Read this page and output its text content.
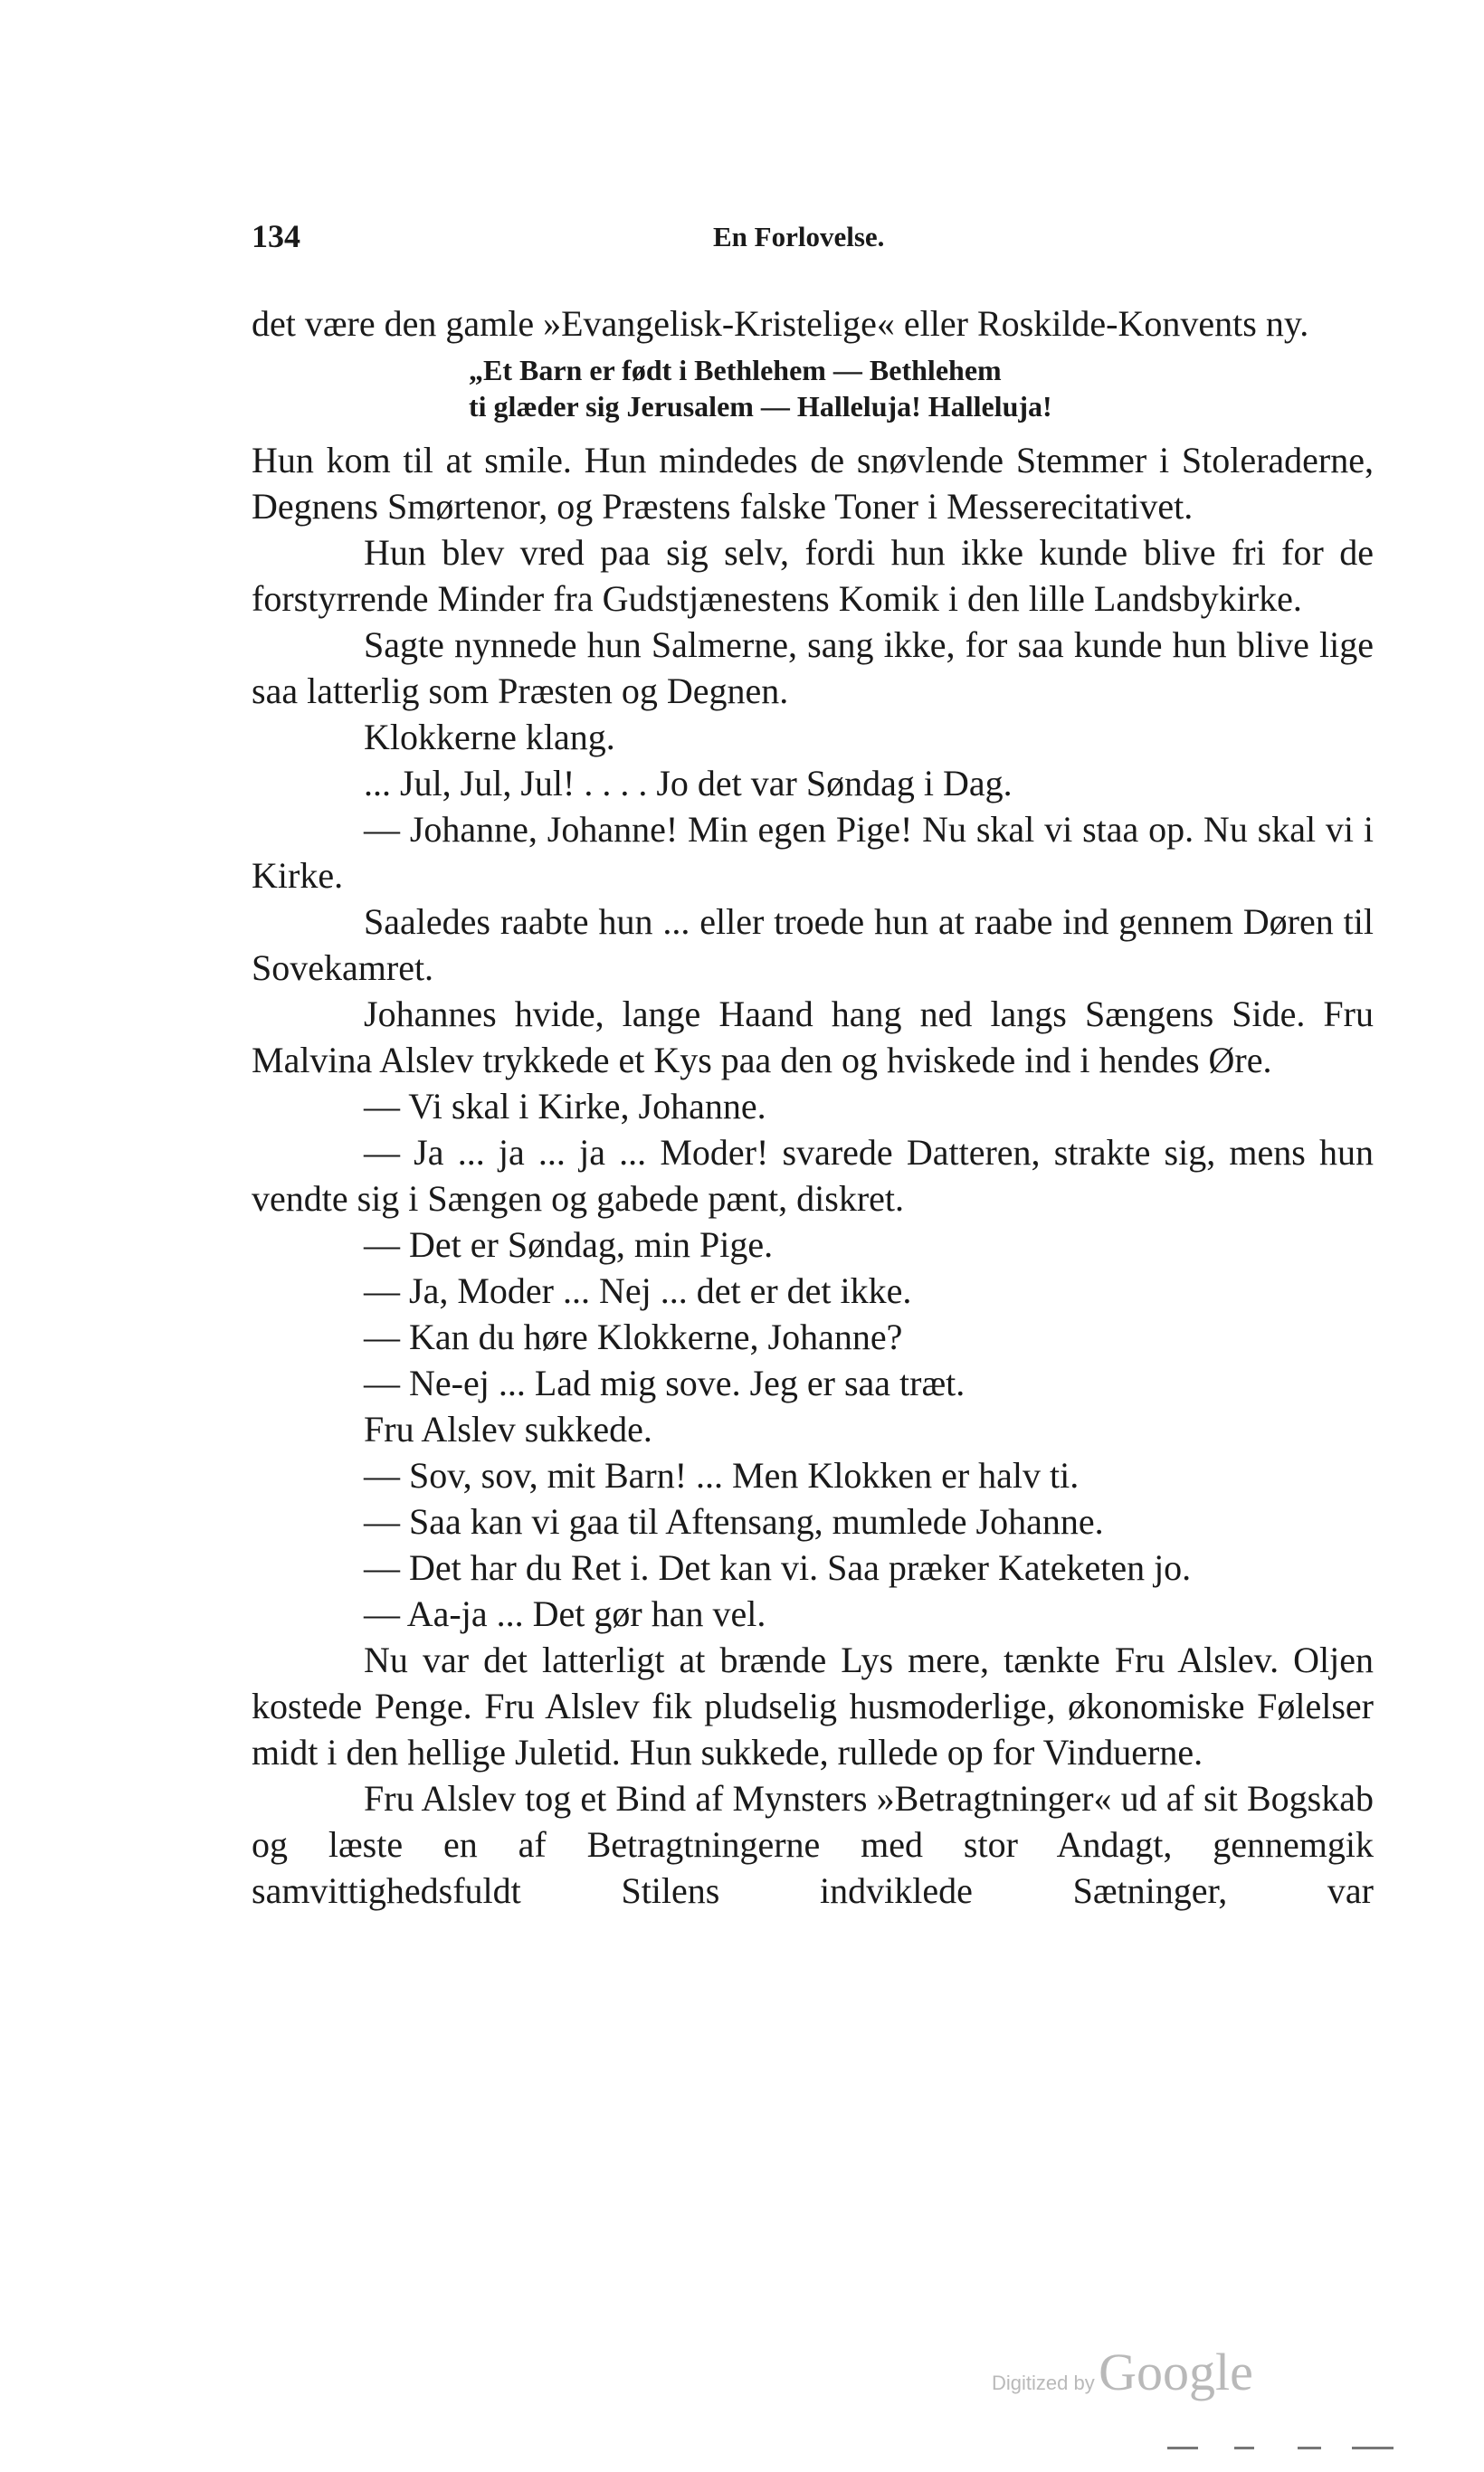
134	En Forlovelse.

det være den gamle »Evangelisk-Kristelige« eller Roskilde-Konvents ny.

„Et Barn er født i Bethlehem — Bethlehem
ti glæder sig Jerusalem — Halleluja! Halleluja!

Hun kom til at smile. Hun mindedes de snøvlende Stemmer i Stoleraderne, Degnens Smørtenor, og Præstens falske Toner i Messerecitativet.

Hun blev vred paa sig selv, fordi hun ikke kunde blive fri for de forstyrrende Minder fra Gudstjænestens Komik i den lille Landsbykirke.

Sagte nynnede hun Salmerne, sang ikke, for saa kunde hun blive lige saa latterlig som Præsten og Degnen.

Klokkerne klang.

... Jul, Jul, Jul! . . . . Jo det var Søndag i Dag.

— Johanne, Johanne! Min egen Pige! Nu skal vi staa op. Nu skal vi i Kirke.

Saaledes raabte hun ... eller troede hun at raabe ind gennem Døren til Sovekamret.

Johannes hvide, lange Haand hang ned langs Sængens Side. Fru Malvina Alslev trykkede et Kys paa den og hviskede ind i hendes Øre.

— Vi skal i Kirke, Johanne.

— Ja ... ja ... ja ... Moder! svarede Datteren, strakte sig, mens hun vendte sig i Sængen og gabede pænt, diskret.

— Det er Søndag, min Pige.

— Ja, Moder ... Nej ... det er det ikke.

— Kan du høre Klokkerne, Johanne?

— Ne-ej ... Lad mig sove. Jeg er saa træt.

Fru Alslev sukkede.

— Sov, sov, mit Barn! ... Men Klokken er halv ti.

— Saa kan vi gaa til Aftensang, mumlede Johanne.

— Det har du Ret i. Det kan vi. Saa præker Kateketen jo.

— Aa-ja ... Det gør han vel.

Nu var det latterligt at brænde Lys mere, tænkte Fru Alslev. Oljen kostede Penge. Fru Alslev fik pludselig husmoderlige, økonomiske Følelser midt i den hellige Juletid. Hun sukkede, rullede op for Vinduerne.

Fru Alslev tog et Bind af Mynsters »Betragtninger« ud af sit Bogskab og læste en af Betragtningerne med stor Andagt, gennemgik samvittighedsfuldt Stilens indviklede Sætninger, var

Digitized by Google
